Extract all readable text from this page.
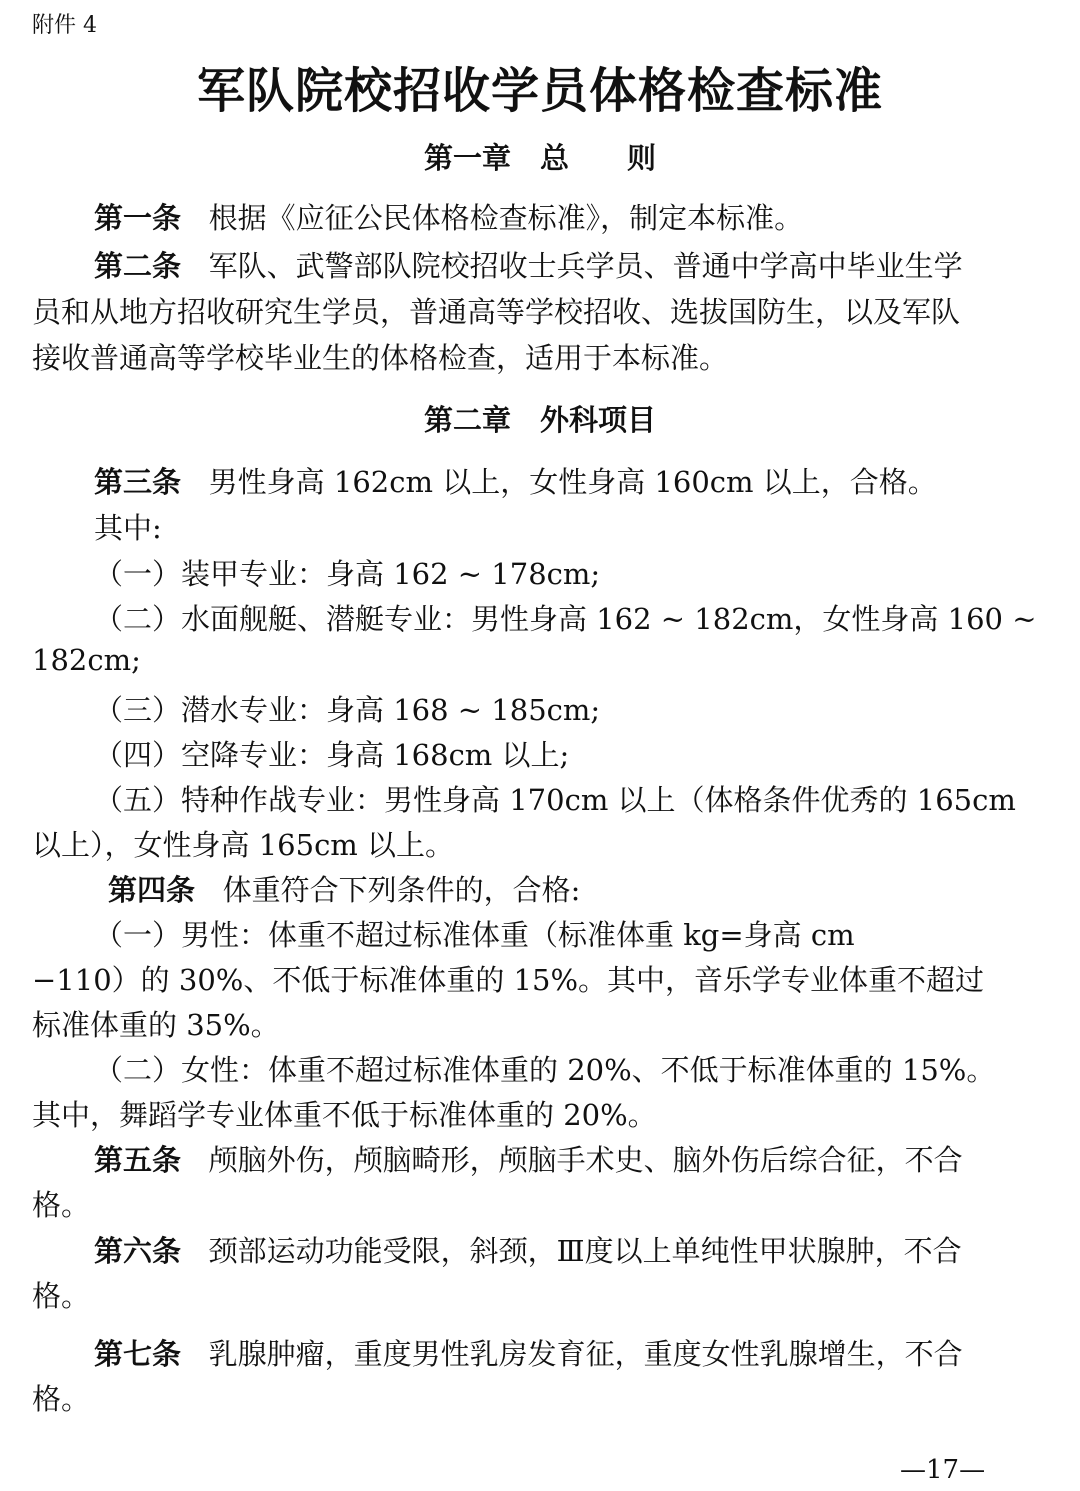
附件 4
军队院校招收学员体格检查标准
第一章　总　　则
第一条 根据《应征公民体格检查标准》，制定本标准。
第二条 军队、武警部队院校招收士兵学员、普通中学高中毕业生学
员和从地方招收研究生学员，普通高等学校招收、选拔国防生，以及军队
接收普通高等学校毕业生的体格检查，适用于本标准。
第二章　外科项目
第三条 男性身高 162cm 以上，女性身高 160cm 以上，合格。
其中:
（一）装甲专业：身高 162 ~ 178cm;
（二）水面舰艇、潜艇专业：男性身高 162 ~ 182cm，女性身高 160 ~
182cm;
（三）潜水专业：身高 168 ~ 185cm;
（四）空降专业：身高 168cm 以上;
（五）特种作战专业：男性身高 170cm 以上（体格条件优秀的 165cm
以上），女性身高 165cm 以上。
第四条 体重符合下列条件的，合格:
（一）男性：体重不超过标准体重（标准体重 kg=身高 cm
−110）的 30%、不低于标准体重的 15%。其中，音乐学专业体重不超过
标准体重的 35%。
（二）女性：体重不超过标准体重的 20%、不低于标准体重的 15%。
其中，舞蹈学专业体重不低于标准体重的 20%。
第五条 颅脑外伤，颅脑畸形，颅脑手术史、脑外伤后综合征，不合
格。
第六条 颈部运动功能受限，斜颈，Ⅲ度以上单纯性甲状腺肿，不合
格。
第七条 乳腺肿瘤，重度男性乳房发育征，重度女性乳腺增生，不合
格。
—17—
